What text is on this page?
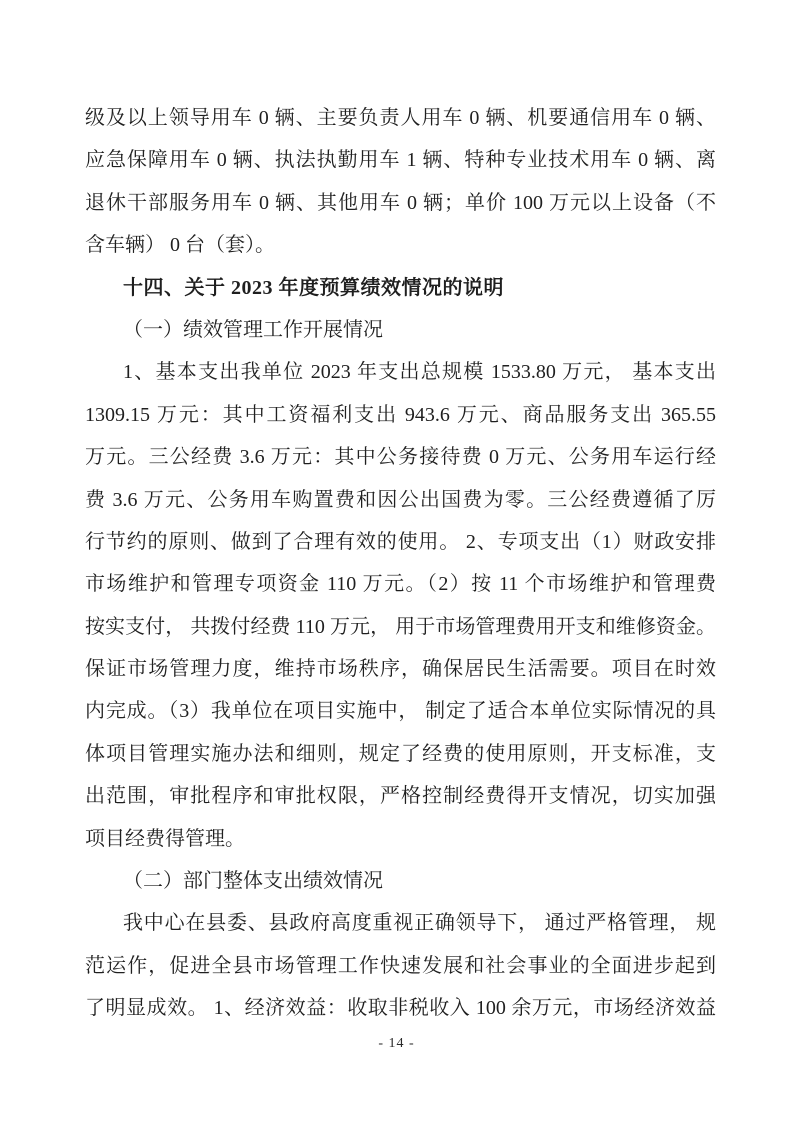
级及以上领导用车 0 辆、主要负责人用车 0 辆、机要通信用车 0 辆、
应急保障用车 0 辆、执法执勤用车 1 辆、特种专业技术用车 0 辆、离
退休干部服务用车 0 辆、其他用车 0 辆；单价 100 万元以上设备（不
含车辆） 0 台（套）。
十四、关于 2023 年度预算绩效情况的说明
（一）绩效管理工作开展情况
1、基本支出我单位 2023 年支出总规模 1533.80 万元， 基本支出
1309.15 万元：其中工资福利支出 943.6 万元、商品服务支出 365.55
万元。三公经费 3.6 万元：其中公务接待费 0 万元、公务用车运行经
费 3.6 万元、公务用车购置费和因公出国费为零。三公经费遵循了厉
行节约的原则、做到了合理有效的使用。 2、专项支出（1）财政安排
市场维护和管理专项资金 110 万元。（2）按 11 个市场维护和管理费
按实支付， 共拨付经费 110 万元， 用于市场管理费用开支和维修资金。
保证市场管理力度，维持市场秩序，确保居民生活需要。项目在时效
内完成。（3）我单位在项目实施中， 制定了适合本单位实际情况的具
体项目管理实施办法和细则，规定了经费的使用原则，开支标准，支
出范围，审批程序和审批权限，严格控制经费得开支情况，切实加强
项目经费得管理。
（二）部门整体支出绩效情况
我中心在县委、县政府高度重视正确领导下， 通过严格管理， 规
范运作，促进全县市场管理工作快速发展和社会事业的全面进步起到
了明显成效。 1、经济效益：收取非税收入 100 余万元，市场经济效益
- 14 -
